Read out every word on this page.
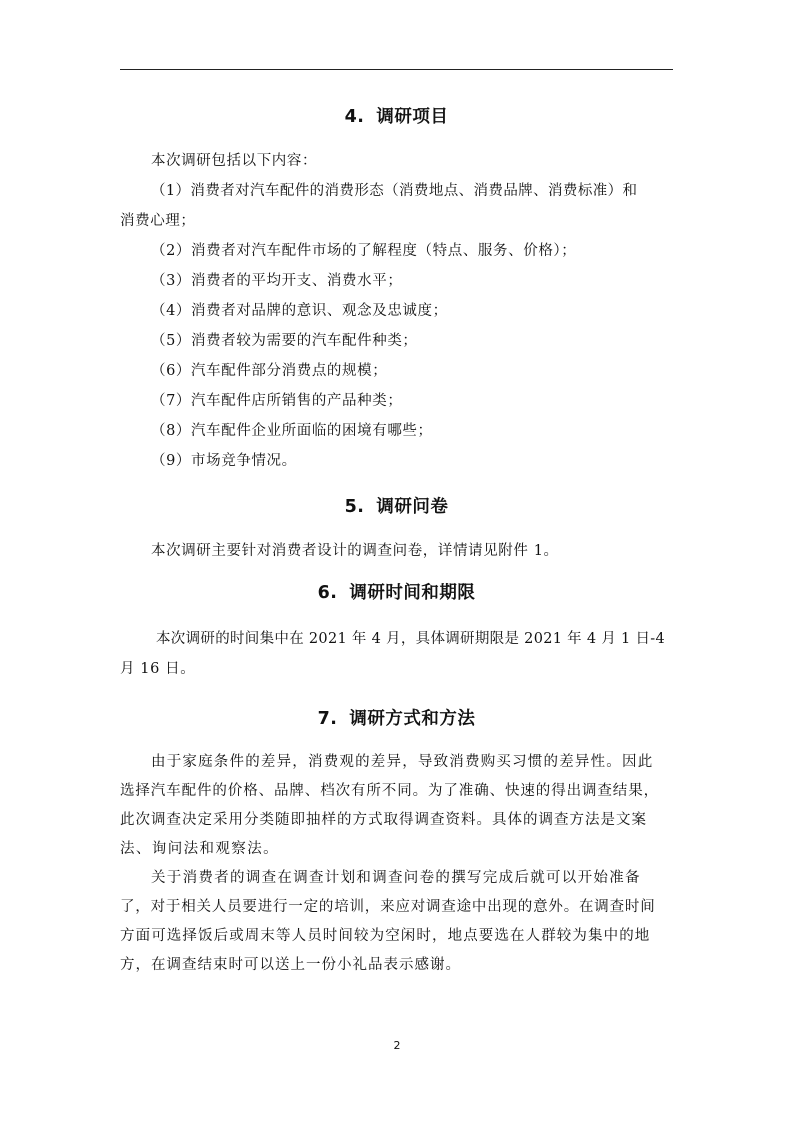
4. 调研项目

本次调研包括以下内容：

（1）消费者对汽车配件的消费形态（消费地点、消费品牌、消费标准）和

消费心理；

（2）消费者对汽车配件市场的了解程度（特点、服务、价格）；

（3）消费者的平均开支、消费水平；

（4）消费者对品牌的意识、观念及忠诚度；

（5）消费者较为需要的汽车配件种类；

（6）汽车配件部分消费点的规模；

（7）汽车配件店所销售的产品种类；

（8）汽车配件企业所面临的困境有哪些；

（9）市场竞争情况。

5. 调研问卷

本次调研主要针对消费者设计的调查问卷，详情请见附件 1。

6. 调研时间和期限

本次调研的时间集中在 2021 年 4 月，具体调研期限是 2021 年 4 月 1 日-4

月 16 日。

7. 调研方式和方法

由于家庭条件的差异，消费观的差异，导致消费购买习惯的差异性。因此

选择汽车配件的价格、品牌、档次有所不同。为了准确、快速的得出调查结果，

此次调查决定采用分类随即抽样的方式取得调查资料。具体的调查方法是文案

法、询问法和观察法。

关于消费者的调查在调查计划和调查问卷的撰写完成后就可以开始准备

了，对于相关人员要进行一定的培训，来应对调查途中出现的意外。在调查时间

方面可选择饭后或周末等人员时间较为空闲时，地点要选在人群较为集中的地

方，在调查结束时可以送上一份小礼品表示感谢。

2
